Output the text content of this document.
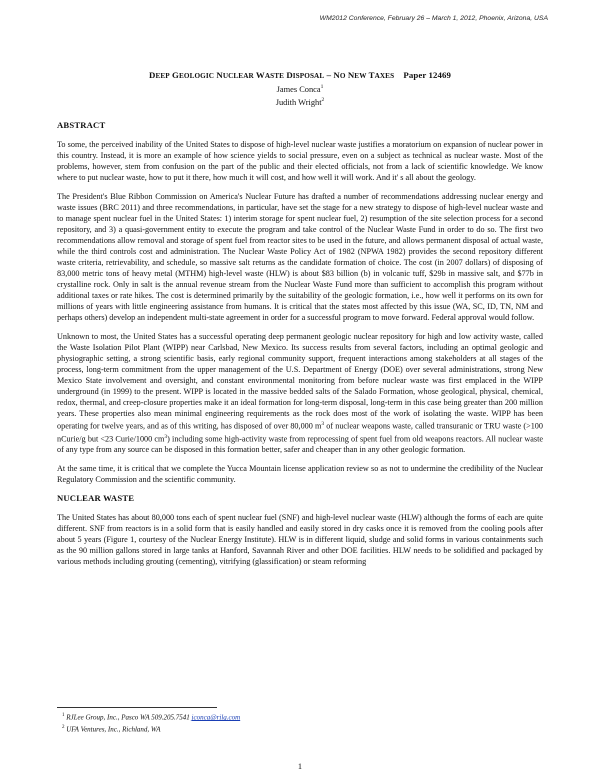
WM2012 Conference, February 26 – March 1, 2012, Phoenix, Arizona, USA
DEEP GEOLOGIC NUCLEAR WASTE DISPOSAL – NO NEW TAXES Paper 12469
James Conca$^1$
Judith Wright$^2$
ABSTRACT

To some, the perceived inability of the United States to dispose of high-level nuclear waste justifies a moratorium on expansion of nuclear power in this country. Instead, it is more an example of how science yields to social pressure, even on a subject as technical as nuclear waste. Most of the problems, however, stem from confusion on the part of the public and their elected officials, not from a lack of scientific knowledge. We know where to put nuclear waste, how to put it there, how much it will cost, and how well it will work. And it' s all about the geology.

The President's Blue Ribbon Commission on America's Nuclear Future has drafted a number of recommendations addressing nuclear energy and waste issues (BRC 2011) and three recommendations, in particular, have set the stage for a new strategy to dispose of high-level nuclear waste and to manage spent nuclear fuel in the United States: 1) interim storage for spent nuclear fuel, 2) resumption of the site selection process for a second repository, and 3) a quasi-government entity to execute the program and take control of the Nuclear Waste Fund in order to do so. The first two recommendations allow removal and storage of spent fuel from reactor sites to be used in the future, and allows permanent disposal of actual waste, while the third controls cost and administration. The Nuclear Waste Policy Act of 1982 (NPWA 1982) provides the second repository different waste criteria, retrievability, and schedule, so massive salt returns as the candidate formation of choice. The cost (in 2007 dollars) of disposing of 83,000 metric tons of heavy metal (MTHM) high-level waste (HLW) is about $83 billion (b) in volcanic tuff, $29b in massive salt, and $77b in crystalline rock. Only in salt is the annual revenue stream from the Nuclear Waste Fund more than sufficient to accomplish this program without additional taxes or rate hikes. The cost is determined primarily by the suitability of the geologic formation, i.e., how well it performs on its own for millions of years with little engineering assistance from humans. It is critical that the states most affected by this issue (WA, SC, ID, TN, NM and perhaps others) develop an independent multi-state agreement in order for a successful program to move forward. Federal approval would follow.

Unknown to most, the United States has a successful operating deep permanent geologic nuclear repository for high and low activity waste, called the Waste Isolation Pilot Plant (WIPP) near Carlsbad, New Mexico. Its success results from several factors, including an optimal geologic and physiographic setting, a strong scientific basis, early regional community support, frequent interactions among stakeholders at all stages of the process, long-term commitment from the upper management of the U.S. Department of Energy (DOE) over several administrations, strong New Mexico State involvement and oversight, and constant environmental monitoring from before nuclear waste was first emplaced in the WIPP underground (in 1999) to the present. WIPP is located in the massive bedded salts of the Salado Formation, whose geological, physical, chemical, redox, thermal, and creep-closure properties make it an ideal formation for long-term disposal, long-term in this case being greater than 200 million years. These properties also mean minimal engineering requirements as the rock does most of the work of isolating the waste. WIPP has been operating for twelve years, and as of this writing, has disposed of over 80,000 $m^3$ of nuclear weapons waste, called transuranic or TRU waste (>100 nCurie/g but <23 Curie/1000 $cm^3$) including some high-activity waste from reprocessing of spent fuel from old weapons reactors. All nuclear waste of any type from any source can be disposed in this formation better, safer and cheaper than in any other geologic formation.

At the same time, it is critical that we complete the Yucca Mountain license application review so as not to undermine the credibility of the Nuclear Regulatory Commission and the scientific community.

NUCLEAR WASTE

The United States has about 80,000 tons each of spent nuclear fuel (SNF) and high-level nuclear waste (HLW) although the forms of each are quite different. SNF from reactors is in a solid form that is easily handled and easily stored in dry casks once it is removed from the cooling pools after about 5 years (Figure 1, courtesy of the Nuclear Energy Institute). HLW is in different liquid, sludge and solid forms in various containments such as the 90 million gallons stored in large tanks at Hanford, Savannah River and other DOE facilities. HLW needs to be solidified and packaged by various methods including grouting (cementing), vitrifying (glassification) or steam reforming

$^1$ RJLee Group, Inc., Pasco WA 509.205.7541 jconca@rjlg.com
$^2$ UFA Ventures, Inc., Richland, WA
1
